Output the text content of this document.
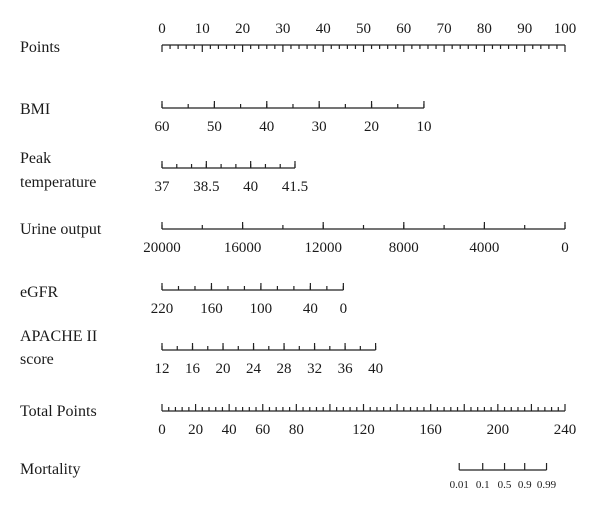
Points
BMI
Peak
temperature
Urine output
eGFR
APACHE II
score
Total Points
Mortality
0 10 20 30 40 50 60 70 80 90 100
60 50 40 30 20 10
37 38.5 40 41.5
20000	16000	12000	8000	4000	0
220 160 100 40 0
12 16 20 24 28 32 36 40
0 20 40 60 80	120	160	200	240
0.01 0.1 0.5 0.9 0.99
